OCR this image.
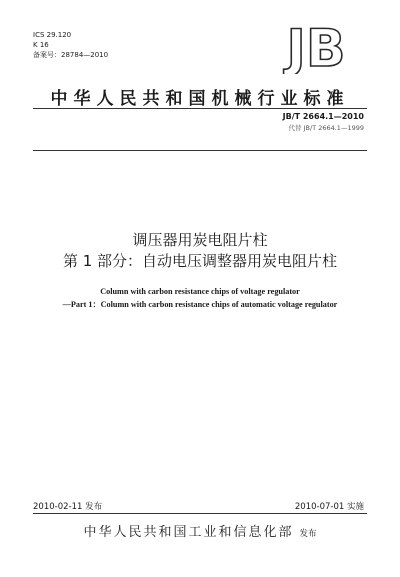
ICS 29.120
K 16
备案号：28784—2010	JB
中华人民共和国机械行业标准
JB/T 2664.1—2010
代替 JB/T 2664.1—1999
调压器用炭电阻片柱
第 1 部分：自动电压调整器用炭电阻片柱
Column with carbon resistance chips of voltage regulator
—Part 1：Column with carbon resistance chips of automatic voltage regulator
2010-02-11 发布	2010-07-01 实施
中华人民共和国工业和信息化部 发布
